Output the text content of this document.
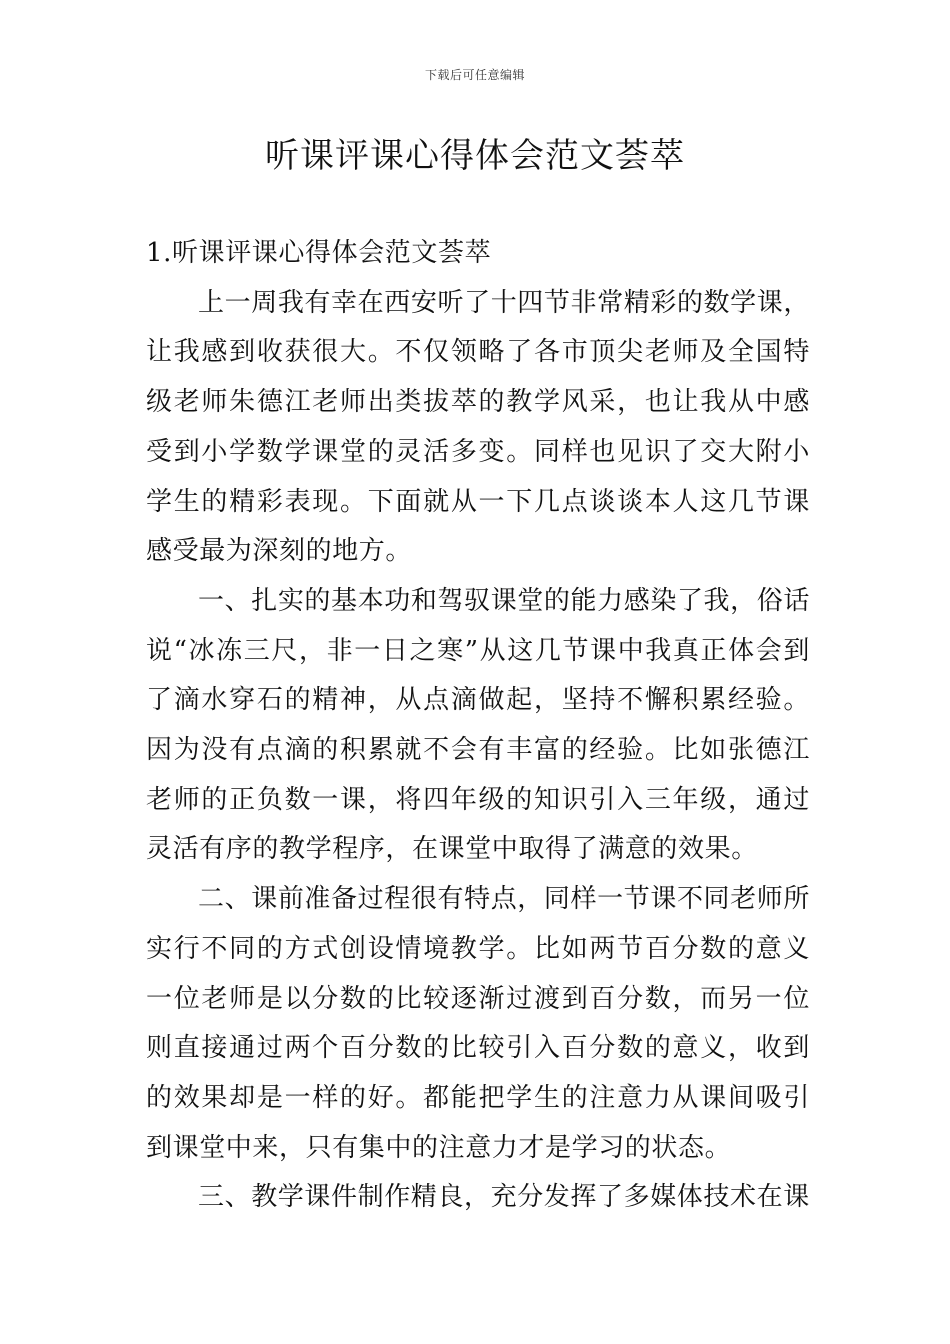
下载后可任意编辑
听课评课心得体会范文荟萃
1.听课评课心得体会范文荟萃

上一周我有幸在西安听了十四节非常精彩的数学课，让我感到收获很大。不仅领略了各市顶尖老师及全国特级老师朱德江老师出类拔萃的教学风采，也让我从中感受到小学数学课堂的灵活多变。同样也见识了交大附小学生的精彩表现。下面就从一下几点谈谈本人这几节课感受最为深刻的地方。

一、扎实的基本功和驾驭课堂的能力感染了我，俗话说“冰冻三尺，非一日之寒”从这几节课中我真正体会到了滴水穿石的精神，从点滴做起，坚持不懈积累经验。因为没有点滴的积累就不会有丰富的经验。比如张德江老师的正负数一课，将四年级的知识引入三年级，通过灵活有序的教学程序，在课堂中取得了满意的效果。

二、课前准备过程很有特点，同样一节课不同老师所实行不同的方式创设情境教学。比如两节百分数的意义一位老师是以分数的比较逐渐过渡到百分数，而另一位则直接通过两个百分数的比较引入百分数的意义，收到的效果却是一样的好。都能把学生的注意力从课间吸引到课堂中来，只有集中的注意力才是学习的状态。

三、教学课件制作精良，充分发挥了多媒体技术在课
